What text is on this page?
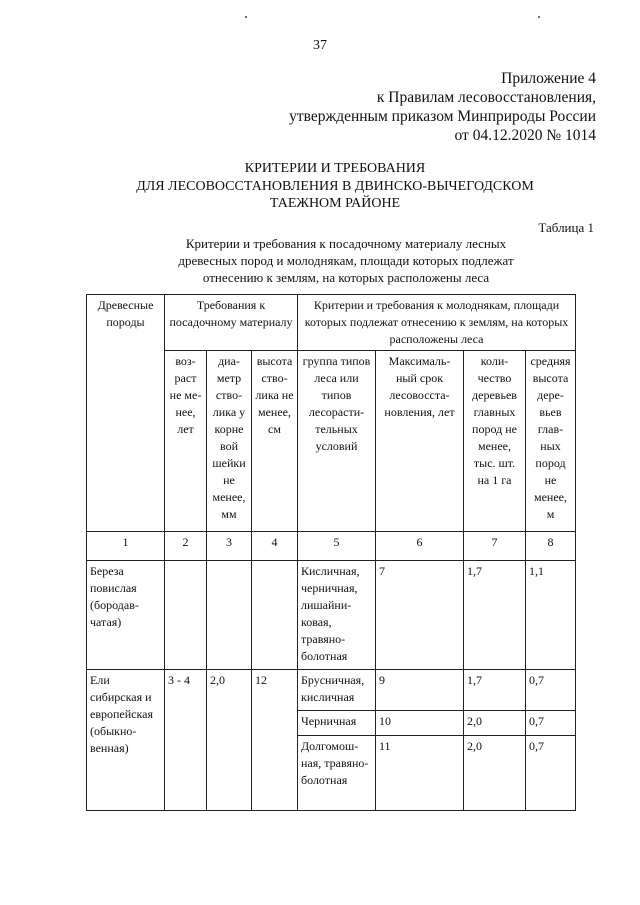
37
Приложение 4
к Правилам лесовосстановления,
утвержденным приказом Минприроды России
от 04.12.2020 № 1014
КРИТЕРИИ И ТРЕБОВАНИЯ
ДЛЯ ЛЕСОВОССТАНОВЛЕНИЯ В ДВИНСКО-ВЫЧЕГОДСКОМ
ТАЕЖНОМ РАЙОНЕ
Таблица 1
Критерии и требования к посадочному материалу лесных
древесных пород и молоднякам, площади которых подлежат
отнесению к землям, на которых расположены леса
Древесные породы	Требования к посадочному материалу			Критерии и требования к молоднякам, площади которых подлежат отнесению к землям, на которых расположены леса			
	воз-раст не ме-нее, лет	диа-метр ство-лика у корне вой шейки не менее, мм	высота ство-лика не менее, см	группа типов леса или типов лесорасти-тельных условий	Максималь-ный срок лесовосста-новления, лет	коли-чество деревьев главных пород не менее, тыс. шт. на 1 га	средняя высота дере-вьев глав-ных пород не менее, м
1	2	3	4	5	6	7	8
Береза повислая (бородав-чатая)				Кисличная, черничная, лишайни-ковая, травяно-болотная	7	1,7	1,1
Ели сибирская и европейская (обыкно-венная)	3 - 4	2,0	12	Брусничная, кисличная	9	1,7	0,7
				Черничная	10	2,0	0,7
				Долгомош-ная, травяно-болотная	11	2,0	0,7
